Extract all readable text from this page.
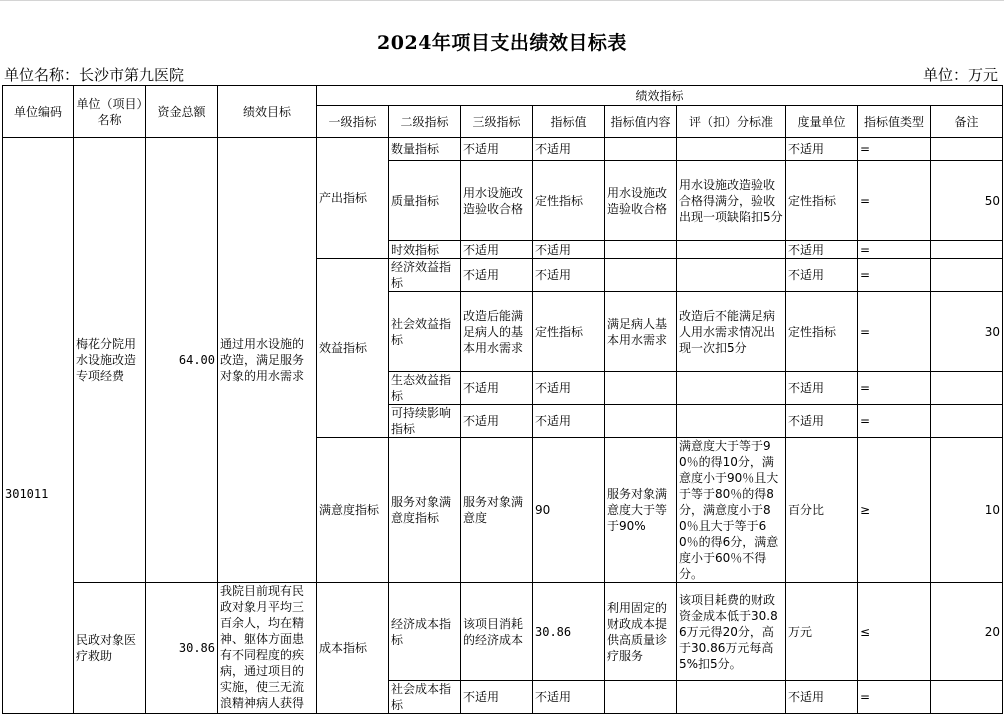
2024年项目支出绩效目标表
单位名称：长沙市第九医院	单位：万元
单位编码	单位（项目）名称	资金总额	绩效目标	绩效指标								
				一级指标	二级指标	三级指标	指标值	指标值内容	评（扣）分标准	度量单位	指标值类型	备注
301011	梅花分院用水设施改造专项经费	64.00	通过用水设施的改造，满足服务对象的用水需求	产出指标	数量指标	不适用	不适用			不适用	=	
					质量指标	用水设施改造验收合格	定性指标	用水设施改造验收合格	用水设施改造验收合格得满分，验收出现一项缺陷扣5分	定性指标	=	50
					时效指标	不适用	不适用			不适用	=	
				效益指标	经济效益指标	不适用	不适用			不适用	=	
					社会效益指标	改造后能满足病人的基本用水需求	定性指标	满足病人基本用水需求	改造后不能满足病人用水需求情况出现一次扣5分	定性指标	=	30
					生态效益指标	不适用	不适用			不适用	=	
					可持续影响指标	不适用	不适用			不适用	=	
				满意度指标	服务对象满意度指标	服务对象满意度	90	服务对象满意度大于等于90%	满意度大于等于90％的得10分，满意度小于90％且大于等于80％的得8分，满意度小于80％且大于等于60％的得6分，满意度小于60％不得分。	百分比	≥	10
	民政对象医疗救助	30.86	我院目前现有民政对象月平均三百余人，均在精神、躯体方面患有不同程度的疾病，通过项目的实施，使三无流浪精神病人获得	成本指标	经济成本指标	该项目消耗的经济成本	30.86	利用固定的财政成本提供高质量诊疗服务	该项目耗费的财政资金成本低于30.86万元得20分，高于30.86万元每高5%扣5分。	万元	≤	20
					社会成本指标	不适用	不适用			不适用	=	
